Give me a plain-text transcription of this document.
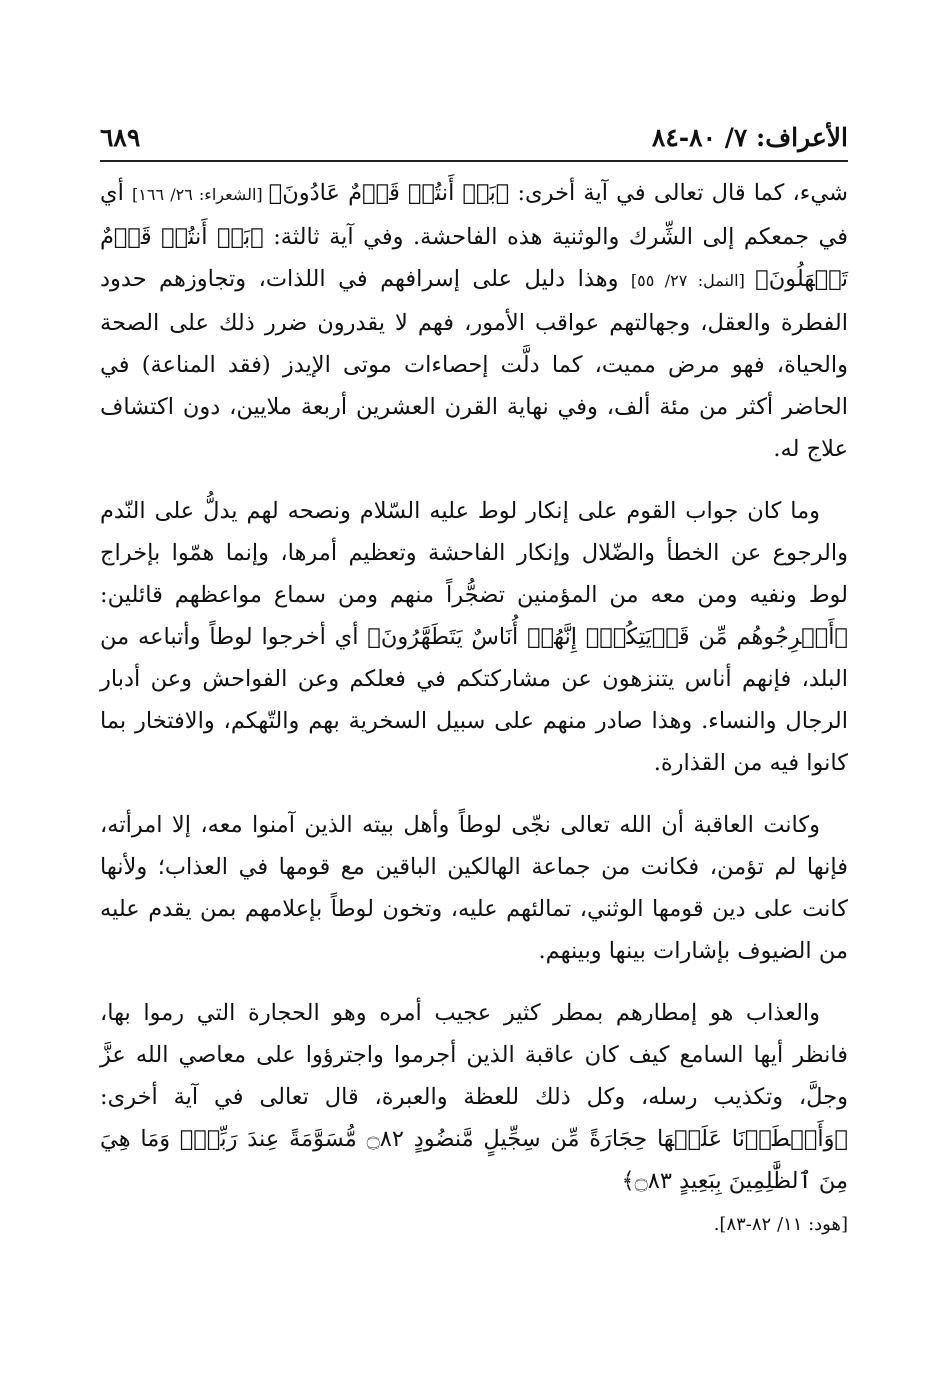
الأعراف: ٧/ ٨٠-٨٤
٦٨٩

شيء، كما قال تعالى في آية أخرى: ﴿بَلۡ أَنتُمۡ قَوۡمٌ عَادُونَ﴾ [الشعراء: ٢٦/ ١٦٦] أي في جمعكم إلى الشِّرك والوثنية هذه الفاحشة. وفي آية ثالثة: ﴿بَلۡ أَنتُمۡ قَوۡمٌ تَجۡهَلُونَ﴾ [النمل: ٢٧/ ٥٥] وهذا دليل على إسرافهم في اللذات، وتجاوزهم حدود الفطرة والعقل، وجهالتهم عواقب الأمور، فهم لا يقدرون ضرر ذلك على الصحة والحياة، فهو مرض مميت، كما دلَّت إحصاءات موتى الإيدز (فقد المناعة) في الحاضر أكثر من مئة ألف، وفي نهاية القرن العشرين أربعة ملايين، دون اكتشاف علاج له.

وما كان جواب القوم على إنكار لوط عليه السّلام ونصحه لهم يدلُّ على النّدم والرجوع عن الخطأ والضّلال وإنكار الفاحشة وتعظيم أمرها، وإنما همّوا بإخراج لوط ونفيه ومن معه من المؤمنين تضجُّراً منهم ومن سماع مواعظهم قائلين: ﴿أَخۡرِجُوهُم مِّن قَرۡيَتِكُمۡۖ إِنَّهُمۡ أُنَاسٌ يَتَطَهَّرُونَ﴾ أي أخرجوا لوطاً وأتباعه من البلد، فإنهم أناس يتنزهون عن مشاركتكم في فعلكم وعن الفواحش وعن أدبار الرجال والنساء. وهذا صادر منهم على سبيل السخرية بهم والتّهكم، والافتخار بما كانوا فيه من القذارة.

وكانت العاقبة أن الله تعالى نجّى لوطاً وأهل بيته الذين آمنوا معه، إلا امرأته، فإنها لم تؤمن، فكانت من جماعة الهالكين الباقين مع قومها في العذاب؛ ولأنها كانت على دين قومها الوثني، تمالئهم عليه، وتخون لوطاً بإعلامهم بمن يقدم عليه من الضيوف بإشارات بينها وبينهم.

والعذاب هو إمطارهم بمطر كثير عجيب أمره وهو الحجارة التي رموا بها، فانظر أيها السامع كيف كان عاقبة الذين أجرموا واجترؤوا على معاصي الله عزَّ وجلَّ، وتكذيب رسله، وكل ذلك للعظة والعبرة، قال تعالى في آية أخرى: ﴿وَأَمۡطَرۡنَا عَلَيۡهَا حِجَارَةً مِّن سِجِّيلٍ مَّنضُودٍ ۝٨٢ مُّسَوَّمَةً عِندَ رَبِّكَۖ وَمَا هِيَ مِنَ ٱلظَّٰلِمِينَ بِبَعِيدٍ ۝٨٣﴾

[هود: ١١/ ٨٢-٨٣].
